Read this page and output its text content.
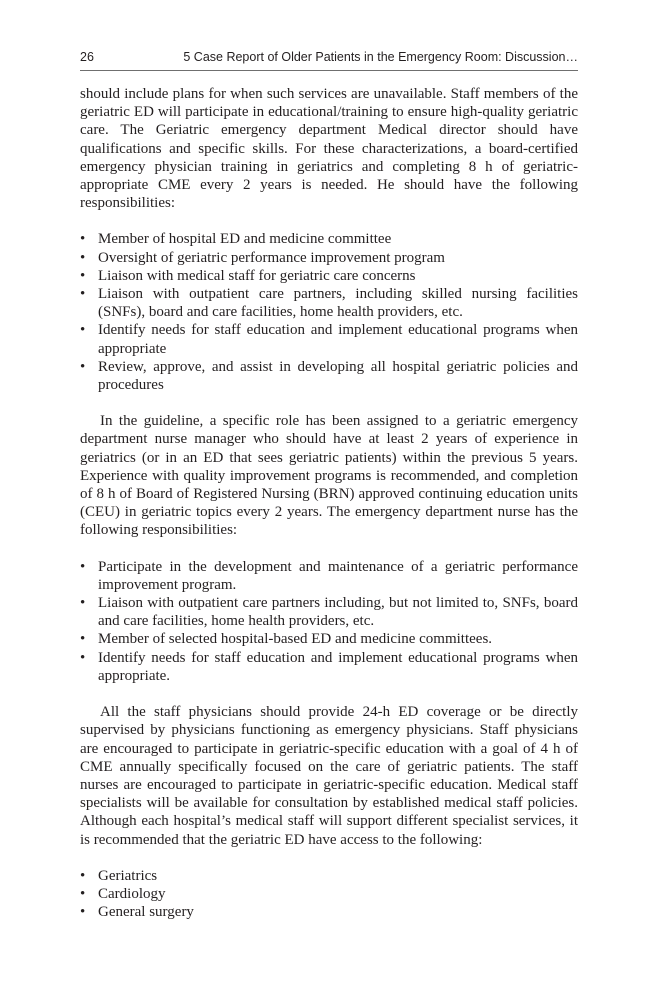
26	5 Case Report of Older Patients in the Emergency Room: Discussion…

should include plans for when such services are unavailable. Staff members of the geriatric ED will participate in educational/training to ensure high-quality geriatric care. The Geriatric emergency department Medical director should have qualifications and specific skills. For these characterizations, a board-certified emergency physician training in geriatrics and completing 8 h of geriatric-appropriate CME every 2 years is needed. He should have the following responsibilities:

• Member of hospital ED and medicine committee
• Oversight of geriatric performance improvement program
• Liaison with medical staff for geriatric care concerns
• Liaison with outpatient care partners, including skilled nursing facilities (SNFs), board and care facilities, home health providers, etc.
• Identify needs for staff education and implement educational programs when appropriate
• Review, approve, and assist in developing all hospital geriatric policies and procedures

In the guideline, a specific role has been assigned to a geriatric emergency department nurse manager who should have at least 2 years of experience in geriatrics (or in an ED that sees geriatric patients) within the previous 5 years. Experience with quality improvement programs is recommended, and completion of 8 h of Board of Registered Nursing (BRN) approved continuing education units (CEU) in geriatric topics every 2 years. The emergency department nurse has the following responsibilities:

• Participate in the development and maintenance of a geriatric performance improvement program.
• Liaison with outpatient care partners including, but not limited to, SNFs, board and care facilities, home health providers, etc.
• Member of selected hospital-based ED and medicine committees.
• Identify needs for staff education and implement educational programs when appropriate.

All the staff physicians should provide 24-h ED coverage or be directly supervised by physicians functioning as emergency physicians. Staff physicians are encouraged to participate in geriatric-specific education with a goal of 4 h of CME annually specifically focused on the care of geriatric patients. The staff nurses are encouraged to participate in geriatric-specific education. Medical staff specialists will be available for consultation by established medical staff policies. Although each hospital’s medical staff will support different specialist services, it is recommended that the geriatric ED have access to the following:

• Geriatrics
• Cardiology
• General surgery
